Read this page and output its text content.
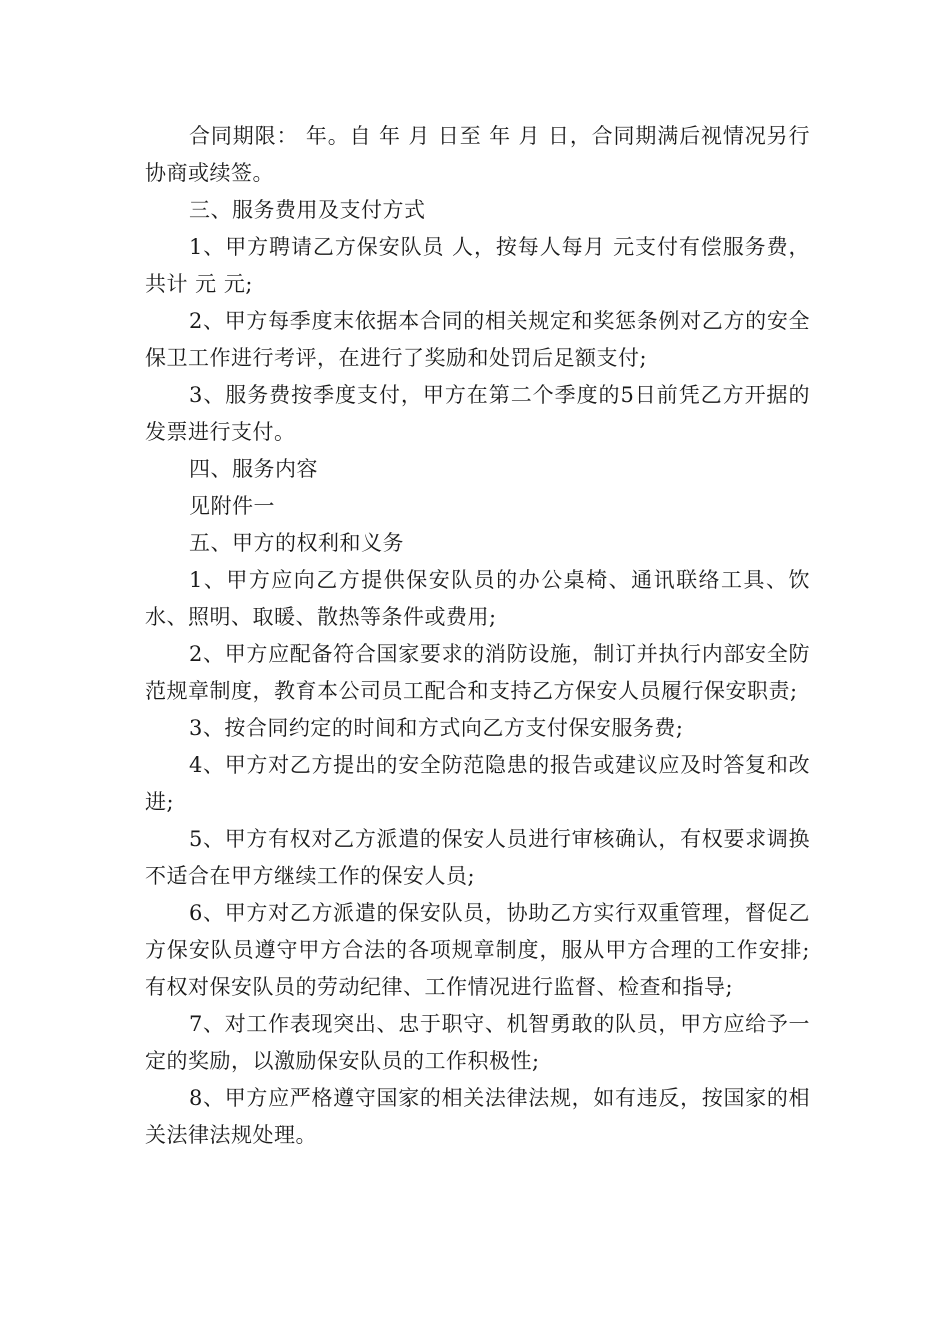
合同期限： 年。自 年 月 日至 年 月 日，合同期满后视情况另行协商或续签。

三、服务费用及支付方式

1、甲方聘请乙方保安队员 人，按每人每月 元支付有偿服务费，共计 元 元;

2、甲方每季度末依据本合同的相关规定和奖惩条例对乙方的安全保卫工作进行考评，在进行了奖励和处罚后足额支付;

3、服务费按季度支付，甲方在第二个季度的5日前凭乙方开据的发票进行支付。

四、服务内容

见附件一

五、甲方的权利和义务

1、甲方应向乙方提供保安队员的办公桌椅、通讯联络工具、饮水、照明、取暖、散热等条件或费用;

2、甲方应配备符合国家要求的消防设施，制订并执行内部安全防范规章制度，教育本公司员工配合和支持乙方保安人员履行保安职责;

3、按合同约定的时间和方式向乙方支付保安服务费;

4、甲方对乙方提出的安全防范隐患的报告或建议应及时答复和改进;

5、甲方有权对乙方派遣的保安人员进行审核确认，有权要求调换不适合在甲方继续工作的保安人员;

6、甲方对乙方派遣的保安队员，协助乙方实行双重管理，督促乙方保安队员遵守甲方合法的各项规章制度，服从甲方合理的工作安排;有权对保安队员的劳动纪律、工作情况进行监督、检查和指导;

7、对工作表现突出、忠于职守、机智勇敢的队员，甲方应给予一定的奖励，以激励保安队员的工作积极性;

8、甲方应严格遵守国家的相关法律法规，如有违反，按国家的相关法律法规处理。
